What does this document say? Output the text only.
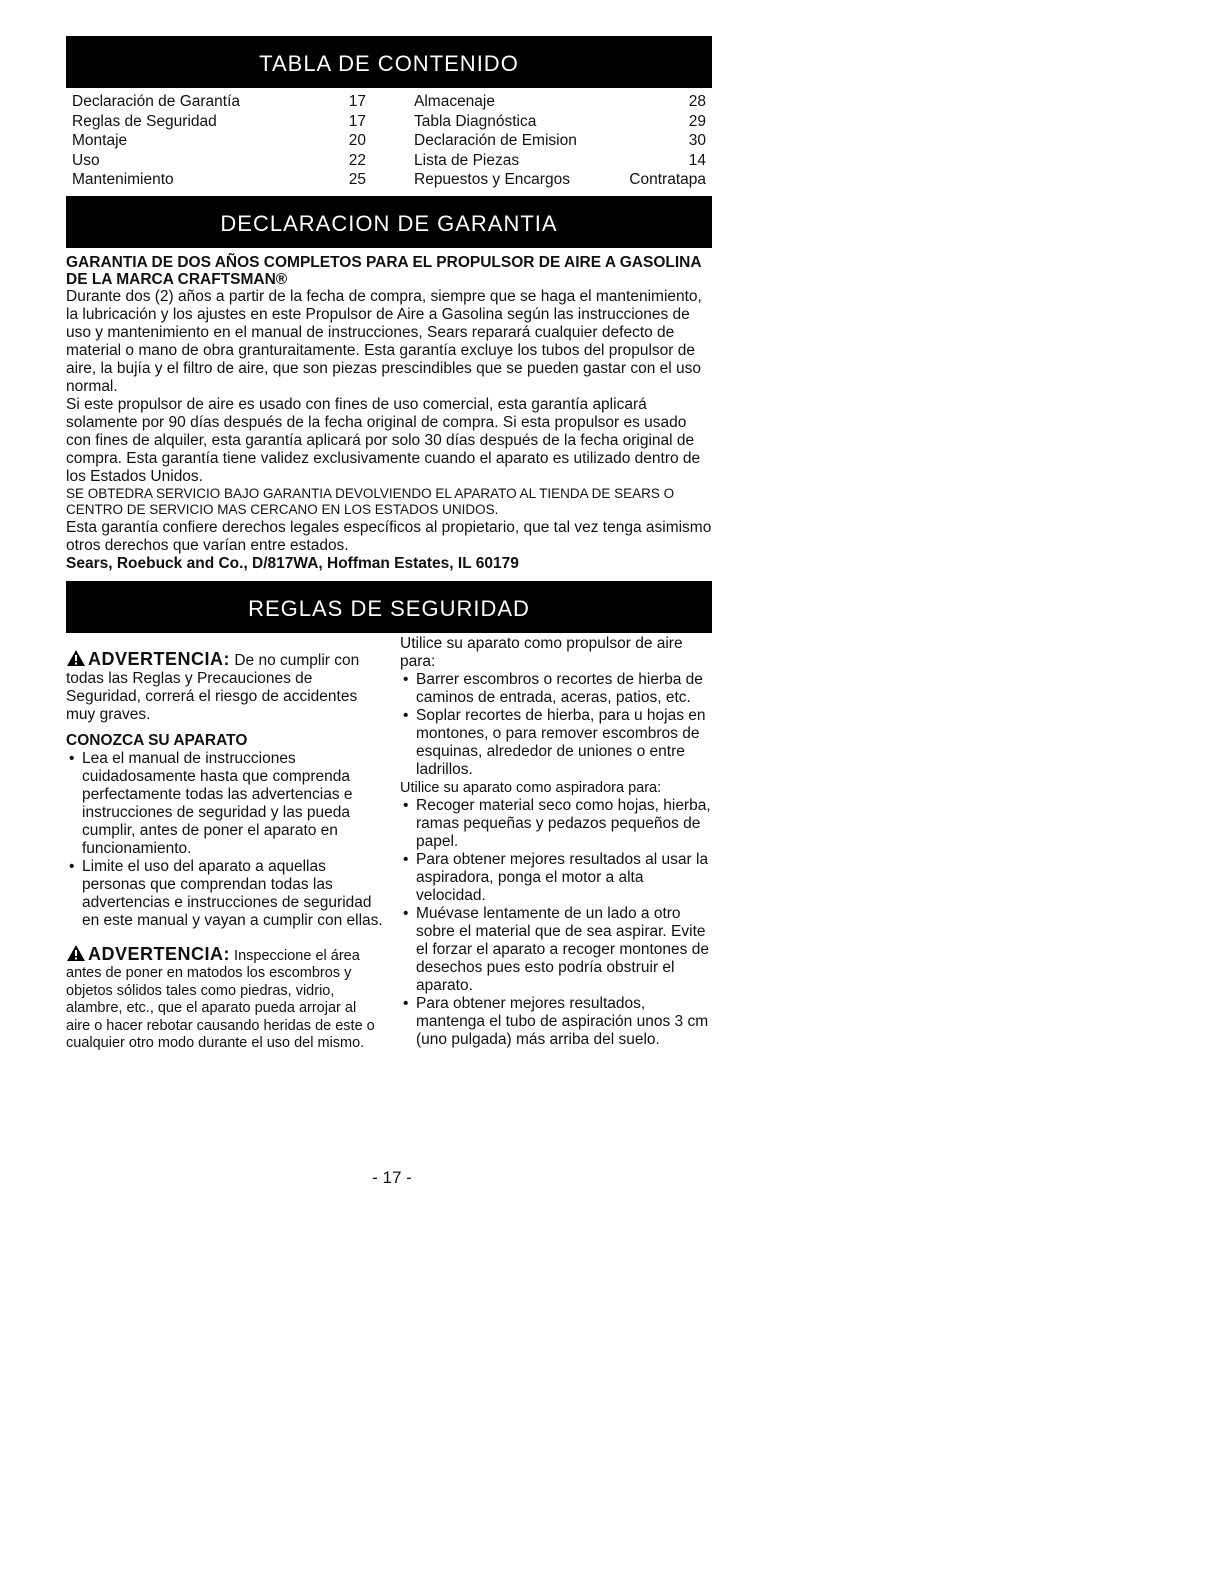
TABLA DE CONTENIDO
Declaración de Garantía	17
Reglas de Seguridad	17
Montaje	20
Uso	22
Mantenimiento	25
Almacenaje	28
Tabla Diagnóstica	29
Declaración de Emision	30
Lista de Piezas	14
Repuestos y Encargos	Contratapa
DECLARACION DE GARANTIA

GARANTIA DE DOS AÑOS COMPLETOS PARA EL PROPULSOR DE AIRE A GASOLINA DE LA MARCA CRAFTSMAN®

Durante dos (2) años a partir de la fecha de compra, siempre que se haga el mantenimiento, la lubricación y los ajustes en este Propulsor de Aire a Gasolina según las instrucciones de uso y mantenimiento en el manual de instrucciones, Sears reparará cualquier defecto de material o mano de obra granturaitamente. Esta garantía excluye los tubos del propulsor de aire, la bujía y el filtro de aire, que son piezas prescindibles que se pueden gastar con el uso normal.

Si este propulsor de aire es usado con fines de uso comercial, esta garantía aplicará solamente por 90 días después de la fecha original de compra. Si esta propulsor es usado con fines de alquiler, esta garantía aplicará por solo 30 días después de la fecha original de compra. Esta garantía tiene validez exclusivamente cuando el aparato es utilizado dentro de los Estados Unidos.

SE OBTEDRA SERVICIO BAJO GARANTIA DEVOLVIENDO EL APARATO AL TIENDA DE SEARS O CENTRO DE SERVICIO MAS CERCANO EN LOS ESTADOS UNIDOS.

Esta garantía confiere derechos legales específicos al propietario, que tal vez tenga asimismo otros derechos que varían entre estados.

Sears, Roebuck and Co., D/817WA, Hoffman Estates, IL 60179

REGLAS DE SEGURIDAD

ADVERTENCIA: De no cumplir con todas las Reglas y Precauciones de Seguridad, correrá el riesgo de accidentes muy graves.

CONOZCA SU APARATO

• Lea el manual de instrucciones cuidadosamente hasta que comprenda perfectamente todas las advertencias e instrucciones de seguridad y las pueda cumplir, antes de poner el aparato en funcionamiento.
• Limite el uso del aparato a aquellas personas que comprendan todas las advertencias e instrucciones de seguridad en este manual y vayan a cumplir con ellas.

ADVERTENCIA: Inspeccione el área antes de poner en matodos los escombros y objetos sólidos tales como piedras, vidrio, alambre, etc., que el aparato pueda arrojar al aire o hacer rebotar causando heridas de este o cualquier otro modo durante el uso del mismo.

Utilice su aparato como propulsor de aire para:

• Barrer escombros o recortes de hierba de caminos de entrada, aceras, patios, etc.
• Soplar recortes de hierba, para u hojas en montones, o para remover escombros de esquinas, alrededor de uniones o entre ladrillos.

Utilice su aparato como aspiradora para:

• Recoger material seco como hojas, hierba, ramas pequeñas y pedazos pequeños de papel.
• Para obtener mejores resultados al usar la aspiradora, ponga el motor a alta velocidad.
• Muévase lentamente de un lado a otro sobre el material que de sea aspirar. Evite el forzar el aparato a recoger montones de desechos pues esto podría obstruir el aparato.
• Para obtener mejores resultados, mantenga el tubo de aspiración unos 3 cm (uno pulgada) más arriba del suelo.
- 17 -
